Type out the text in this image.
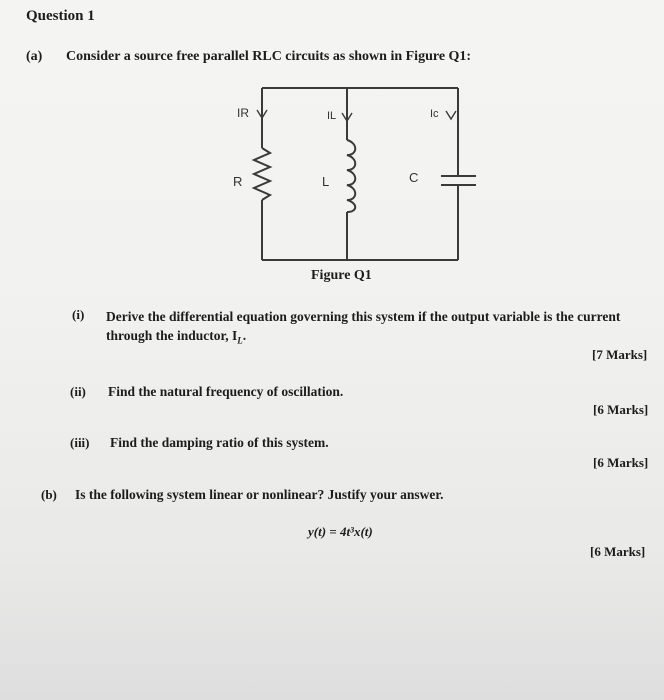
Question 1
(a) Consider a source free parallel RLC circuits as shown in Figure Q1:
IR	IL	Ic
R	L	C
Figure Q1
(i) Derive the differential equation governing this system if the output variable is the current through the inductor, $I_L$.
[7 Marks]
(ii) Find the natural frequency of oscillation.
[6 Marks]
(iii) Find the damping ratio of this system.
[6 Marks]
(b) Is the following system linear or nonlinear? Justify your answer.
y(t) = 4t³x(t)
[6 Marks]
